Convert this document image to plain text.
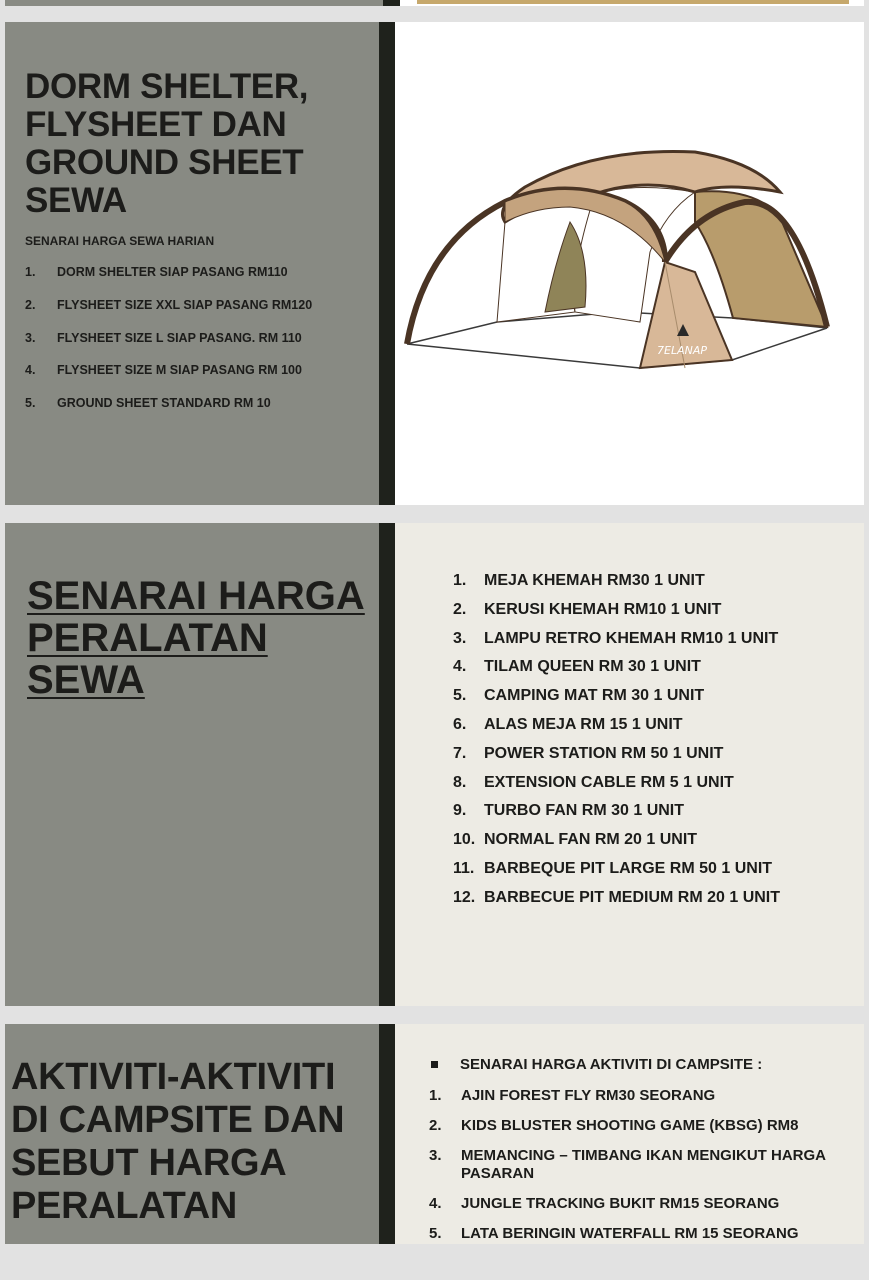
DORM SHELTER, FLYSHEET DAN GROUND SHEET SEWA
SENARAI HARGA SEWA HARIAN
1.	DORM SHELTER SIAP PASANG RM110
2.	FLYSHEET SIZE XXL SIAP PASANG RM120
3.	FLYSHEET SIZE L SIAP PASANG. RM 110
4.	FLYSHEET SIZE M SIAP PASANG RM 100
5.	GROUND SHEET STANDARD RM 10
7ELANAP
SENARAI HARGA PERALATAN SEWA
1.	MEJA KHEMAH RM30 1 UNIT
2.	KERUSI KHEMAH RM10 1 UNIT
3.	LAMPU RETRO KHEMAH RM10 1 UNIT
4.	TILAM QUEEN RM 30 1 UNIT
5.	CAMPING MAT RM 30 1 UNIT
6.	ALAS MEJA RM 15 1 UNIT
7.	POWER STATION RM 50 1 UNIT
8.	EXTENSION CABLE RM 5 1 UNIT
9.	TURBO FAN RM 30 1 UNIT
10. NORMAL FAN RM 20 1 UNIT
11. BARBEQUE PIT LARGE RM 50 1 UNIT
12. BARBECUE PIT MEDIUM RM 20 1 UNIT
AKTIVITI-AKTIVITI DI CAMPSITE DAN SEBUT HARGA PERALATAN
SENARAI HARGA AKTIVITI DI CAMPSITE :
1.	AJIN FOREST FLY RM30 SEORANG
2.	KIDS BLUSTER SHOOTING GAME (KBSG) RM8
3.	MEMANCING – TIMBANG IKAN MENGIKUT HARGA PASARAN
4.	JUNGLE TRACKING BUKIT RM15 SEORANG
5.	LATA BERINGIN WATERFALL RM 15 SEORANG
